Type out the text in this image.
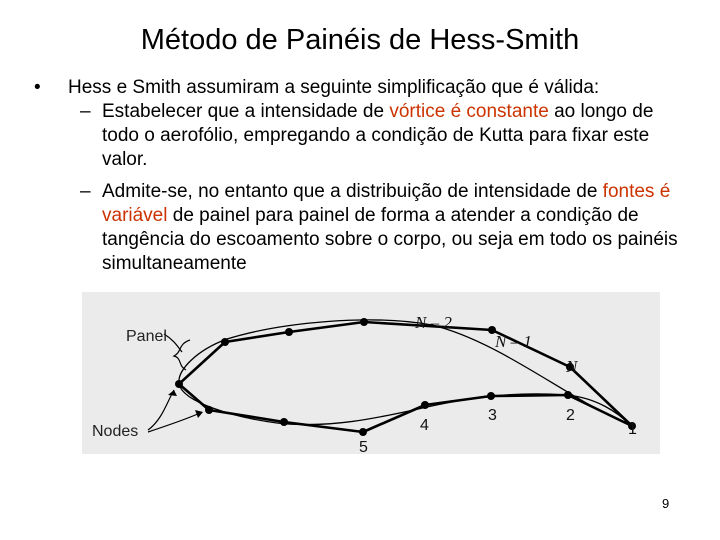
Método de Painéis de Hess-Smith
• Hess e Smith assumiram a seguinte simplificação que é válida:
– Estabelecer que a intensidade de vórtice é constante ao longo de todo o aerofólio, empregando a condição de Kutta para fixar este valor.
– Admite-se, no entanto que a distribuição de intensidade de fontes é variável de painel para painel de forma a atender a condição de tangência do escoamento sobre o corpo, ou seja em todo os painéis simultaneamente
Panel
Nodes
N – 2
N – 1
N
1
2
3
4
5
9
